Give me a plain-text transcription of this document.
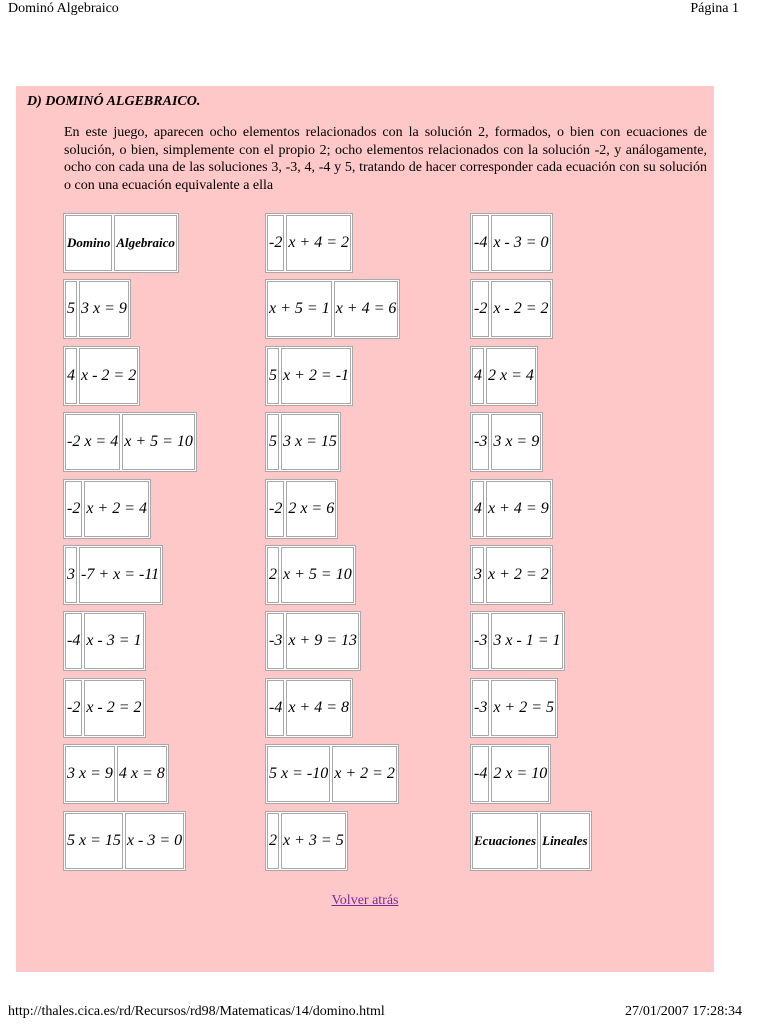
Dominó Algebraico	Página 1
D) DOMINÓ ALGEBRAICO.
En este juego, aparecen ocho elementos relacionados con la solución 2, formados, o bien con ecuaciones de solución, o bien, simplemente con el propio 2; ocho elementos relacionados con la solución -2, y análogamente, ocho con cada una de las soluciones 3, -3, 4, -4 y 5, tratando de hacer corresponder cada ecuación con su solución o con una ecuación equivalente a ella
Domino Algebraico	-2 x + 4 = 2	-4 x - 3 = 0
5 3 x = 9	x + 5 = 1 x + 4 = 6	-2 x - 2 = 2
4 x - 2 = 2	5 x + 2 = -1	4 2 x = 4
-2 x = 4 x + 5 = 10	5 3 x = 15	-3 3 x = 9
-2 x + 2 = 4	-2 2 x = 6	4 x + 4 = 9
3 -7 + x = -11	2 x + 5 = 10	3 x + 2 = 2
-4 x - 3 = 1	-3 x + 9 = 13	-3 3 x - 1 = 1
-2 x - 2 = 2	-4 x + 4 = 8	-3 x + 2 = 5
3 x = 9 4 x = 8	5 x = -10 x + 2 = 2	-4 2 x = 10
5 x = 15 x - 3 = 0	2 x + 3 = 5	Ecuaciones Lineales
Volver atrás
http://thales.cica.es/rd/Recursos/rd98/Matematicas/14/domino.html	27/01/2007 17:28:34
